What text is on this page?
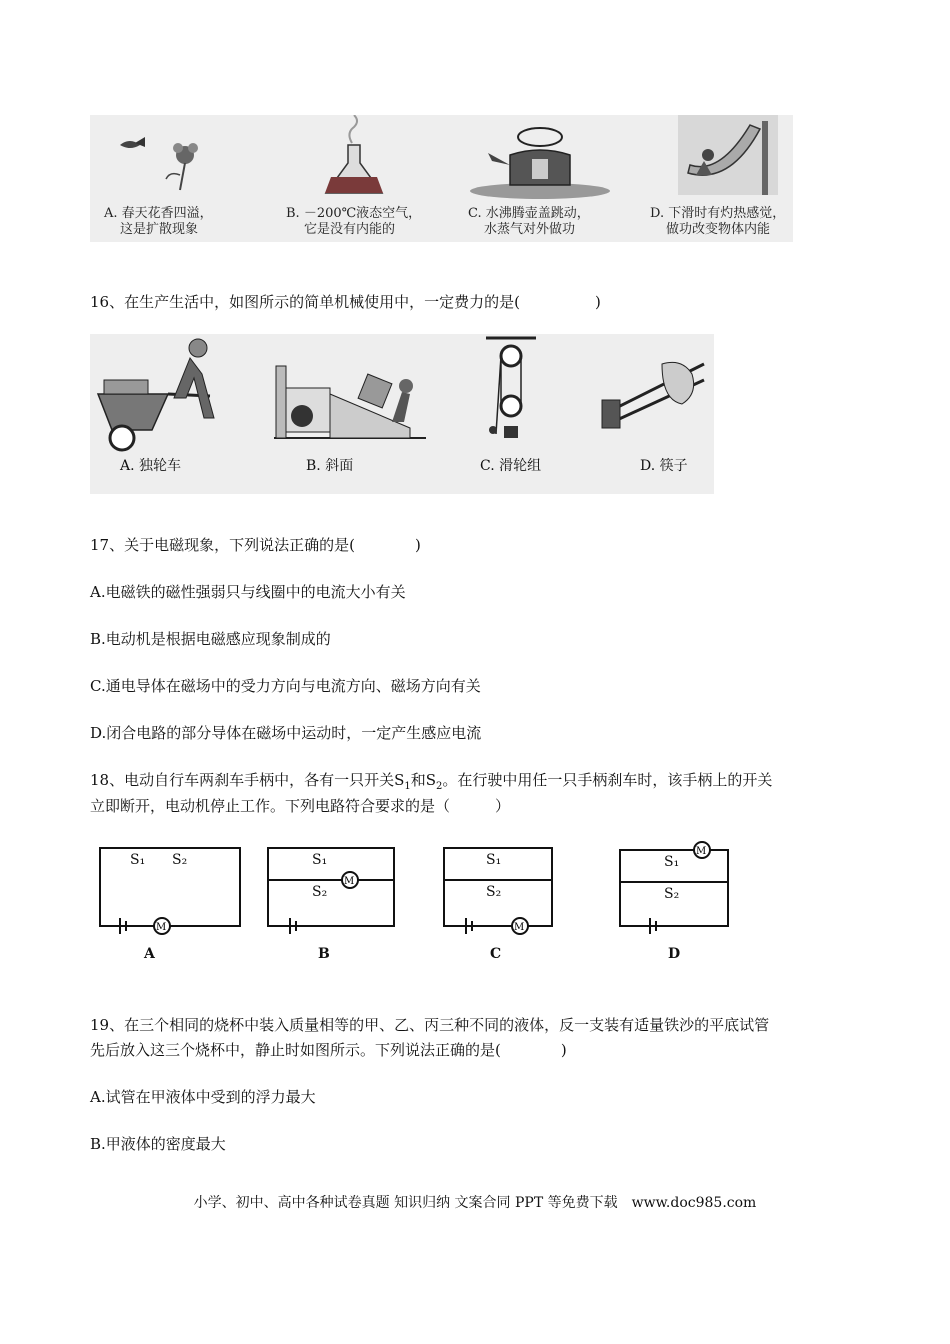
A. 春天花香四溢，
这是扩散现象
B. －200℃液态空气，
它是没有内能的
C. 水沸腾壶盖跳动，
水蒸气对外做功
D. 下滑时有灼热感觉，
做功改变物体内能
16、在生产生活中，如图所示的简单机械使用中，一定费力的是(　　　　　)
A. 独轮车	B. 斜面	C. 滑轮组	D. 筷子
17、关于电磁现象，下列说法正确的是(　　　　)
A.电磁铁的磁性强弱只与线圈中的电流大小有关
B.电动机是根据电磁感应现象制成的
C.通电导体在磁场中的受力方向与电流方向、磁场方向有关
D.闭合电路的部分导体在磁场中运动时，一定产生感应电流
18、电动自行车两刹车手柄中，各有一只开关$S_1$和$S_2$。在行驶中用任一只手柄刹车时，该手柄上的开关
立即断开，电动机停止工作。下列电路符合要求的是（　　　）
S₁ S₂
M
A
S₁
S₂
M
B
S₁
S₂
M
C
S₁
S₂
M
D
19、在三个相同的烧杯中装入质量相等的甲、乙、丙三种不同的液体，反一支装有适量铁沙的平底试管
先后放入这三个烧杯中，静止时如图所示。下列说法正确的是(　　　　)
A.试管在甲液体中受到的浮力最大
B.甲液体的密度最大
小学、初中、高中各种试卷真题 知识归纳 文案合同 PPT 等免费下载　www.doc985.com
